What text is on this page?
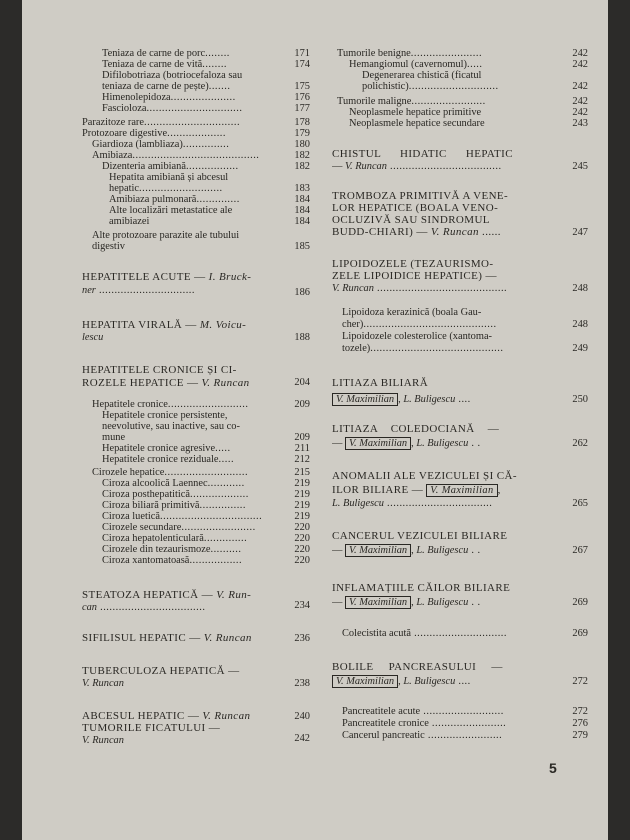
Teniaza de carne de porc........	171
Teniaza de carne de vită........	174
Difilobotriaza (botriocefaloza sau
teniaza de carne de pește).......	175
Himenolepidoza.....................	176
Fascioloza...............................	177
Parazitoze rare...............................	178
Protozoare digestive...................	179
Giardioza (lambliaza)...............	180
Amibiaza.........................................	182
Dizenteria amibiană.................	182
Hepatita amibiană și abcesul
hepatic...........................	183
Amibiaza pulmonară..............	184
Alte localizări metastatice ale	184
amibiazei	184
Alte protozoare parazite ale tubului
digestiv	185
HEPATITELE ACUTE — I. Bruck-
ner ...............................	186
HEPATITA VIRALĂ — M. Voicu-
lescu	188
HEPATITELE CRONICE ȘI CI-
ROZELE HEPATICE — V. Runcan	204
Hepatitele cronice..........................	209
Hepatitele cronice persistente,
neevolutive, sau inactive, sau co-
mune	209
Hepatitele cronice agresive.....	211
Hepatitele cronice reziduale.....	212
Cirozele hepatice...........................	215
Ciroza alcoolică Laennec............	219
Ciroza posthepatitică...................	219
Ciroza biliară primitivă...............	219
Ciroza luetică.................................	219
Cirozele secundare........................	220
Ciroza hepatolenticulară..............	220
Cirozele din tezaurismoze..........	220
Ciroza xantomatoasă.................	220
STEATOZA HEPATICĂ — V. Run-
can ..................................	234
SIFILISUL HEPATIC — V. Runcan	236
TUBERCULOZA HEPATICĂ —
V. Runcan	238
ABCESUL HEPATIC — V. Runcan	240
TUMORILE FICATULUI —
V. Runcan	242
Tumorile benigne.......................	242
Hemangiomul (cavernomul).....	242
Degenerarea chistică (ficatul
polichistic).............................	242
Tumorile maligne........................	242
Neoplasmele hepatice primitive	242
Neoplasmele hepatice secundare	243
CHISTUL HIDATIC HEPATIC
— V. Runcan ....................................	245
TROMBOZA PRIMITIVĂ A VENE-
LOR HEPATICE (BOALA VENO-
OCLUZIVĂ SAU SINDROMUL
BUDD-CHIARI) — V. Runcan ......	247
LIPOIDOZELE (TEZAURISMO-
ZELE LIPOIDICE HEPATICE) —
V. Runcan ..........................................	248
Lipoidoza kerazinică (boala Gau-
cher)...........................................	248
Lipoidozele colesterolice (xantoma-
tozele)...........................................	249
LITIAZA BILIARĂ
V. Maximilian , L. Buligescu ....	250
LITIAZA COLEDOCIANĂ —
— V. Maximilian , L. Buligescu . .	262
ANOMALII ALE VEZICULEI ȘI CĂ-
ILOR BILIARE — V. Maximilian ,
L. Buligescu ..................................	265
CANCERUL VEZICULEI BILIARE
— V. Maximilian , L. Buligescu . .	267
INFLAMAȚIILE CĂILOR BILIARE
— V. Maximilian , L. Buligescu . .	269
Colecistita acută ..............................	269
BOLILE PANCREASULUI —
V. Maximilian , L. Buligescu ....	272
Pancreatitele acute ..........................	272
Pancreatitele cronice ........................	276
Cancerul pancreatic ........................	279
5
